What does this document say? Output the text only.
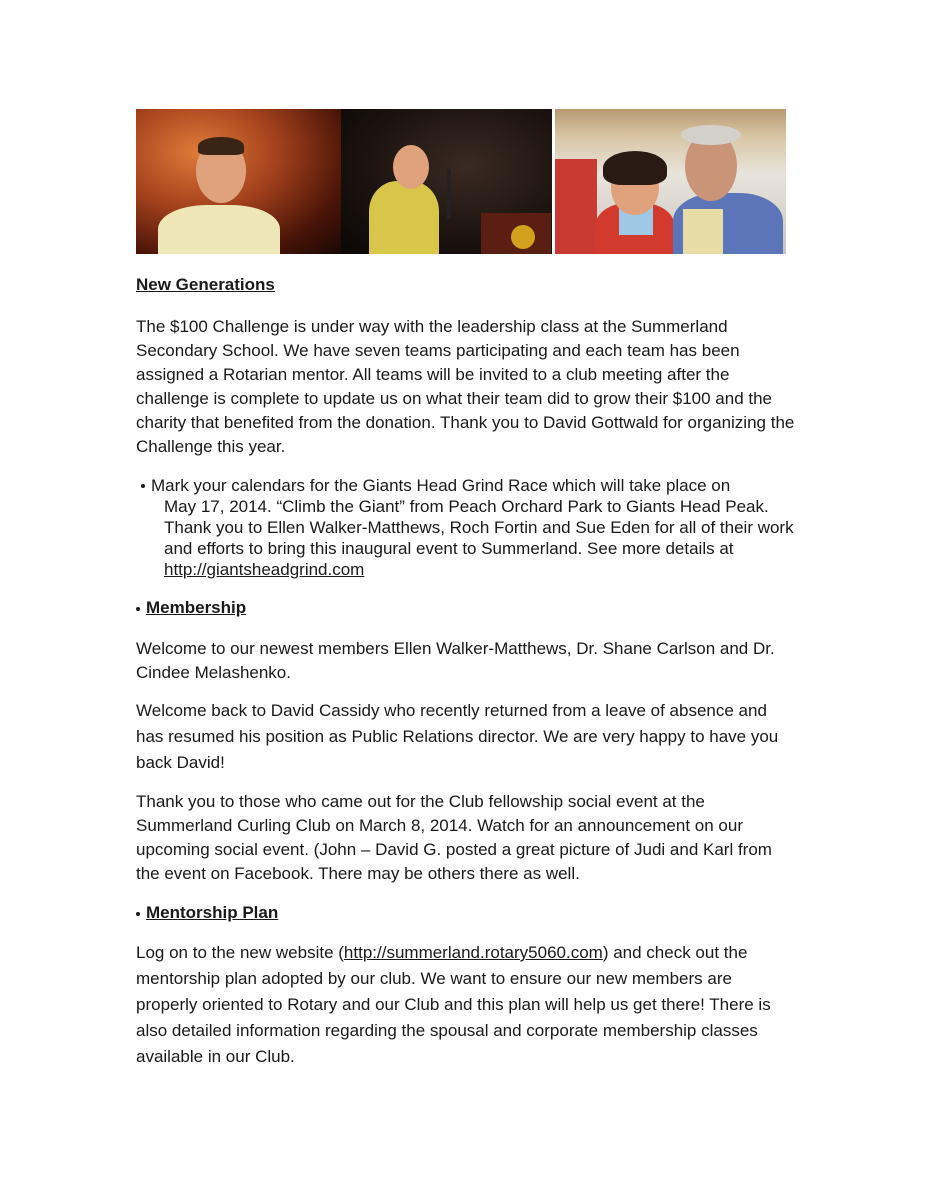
New Generations

The $100 Challenge is under way with the leadership class at the Summerland Secondary School. We have seven teams participating and each team has been assigned a Rotarian mentor. All teams will be invited to a club meeting after the challenge is complete to update us on what their team did to grow their $100 and the charity that benefited from the donation. Thank you to David Gottwald for organizing the Challenge this year.

Mark your calendars for the Giants Head Grind Race which will take place on
May 17, 2014. “Climb the Giant” from Peach Orchard Park to Giants Head Peak. Thank you to Ellen Walker-Matthews, Roch Fortin and Sue Eden for all of their work and efforts to bring this inaugural event to Summerland. See more details at http://giantsheadgrind.com
Membership

Welcome to our newest members Ellen Walker-Matthews, Dr. Shane Carlson and Dr. Cindee Melashenko.

Welcome back to David Cassidy who recently returned from a leave of absence and has resumed his position as Public Relations director. We are very happy to have you back David!

Thank you to those who came out for the Club fellowship social event at the Summerland Curling Club on March 8, 2014. Watch for an announcement on our upcoming social event. (John – David G. posted a great picture of Judi and Karl from the event on Facebook. There may be others there as well.

Mentorship Plan

Log on to the new website (http://summerland.rotary5060.com) and check out the mentorship plan adopted by our club. We want to ensure our new members are properly oriented to Rotary and our Club and this plan will help us get there! There is also detailed information regarding the spousal and corporate membership classes available in our Club.
